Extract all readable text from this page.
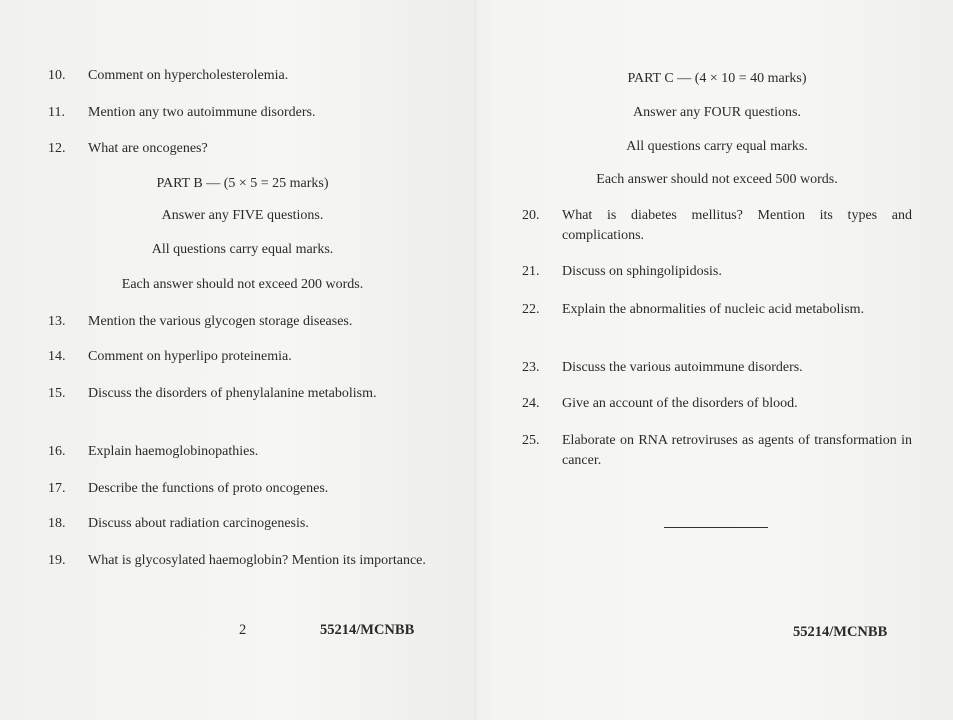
10. Comment on hypercholesterolemia.
11. Mention any two autoimmune disorders.
12. What are oncogenes?
PART B — (5 × 5 = 25 marks)
Answer any FIVE questions.
All questions carry equal marks.
Each answer should not exceed 200 words.
13. Mention the various glycogen storage diseases.
14. Comment on hyperlipo proteinemia.
15. Discuss the disorders of phenylalanine metabolism.
16. Explain haemoglobinopathies.
17. Describe the functions of proto oncogenes.
18. Discuss about radiation carcinogenesis.
19. What is glycosylated haemoglobin? Mention its importance.
2	55214/MCNBB
PART C — (4 × 10 = 40 marks)
Answer any FOUR questions.
All questions carry equal marks.
Each answer should not exceed 500 words.
20. What is diabetes mellitus? Mention its types and complications.
21. Discuss on sphingolipidosis.
22. Explain the abnormalities of nucleic acid metabolism.
23. Discuss the various autoimmune disorders.
24. Give an account of the disorders of blood.
25. Elaborate on RNA retroviruses as agents of transformation in cancer.
55214/MCNBB
